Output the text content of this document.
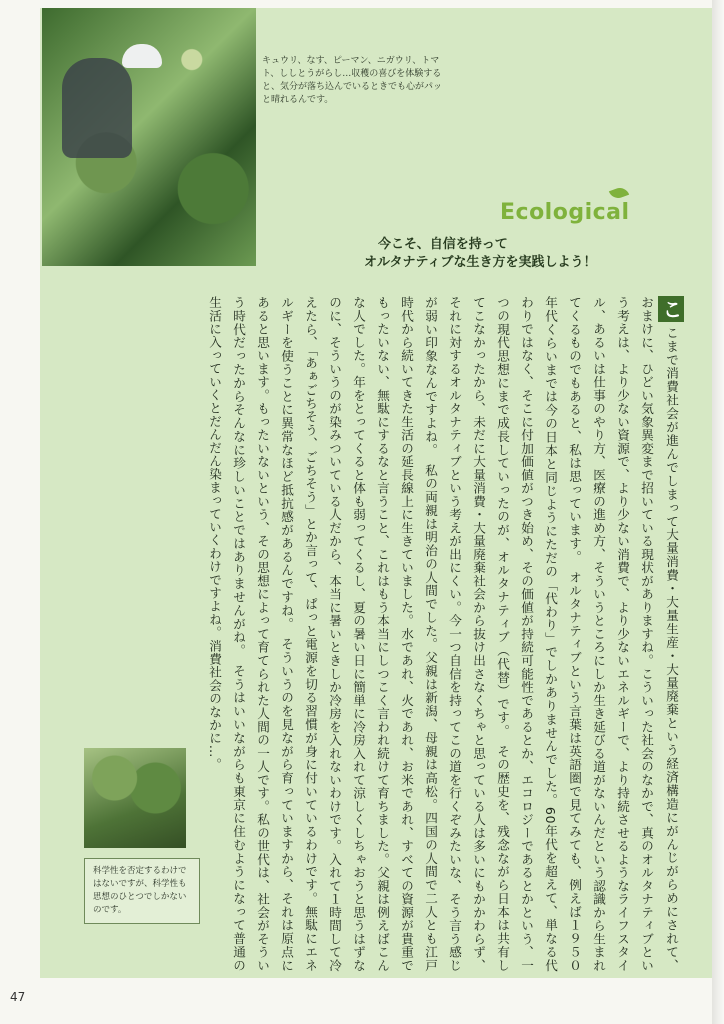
キュウリ、なす、ピーマン、ニガウリ、トマト、ししとうがらし…収穫の喜びを体験すると、気分が落ち込んでいるときでも心がパッと晴れるんです。
Ecological
今こそ、自信を持って
オルタナティブな生き方を実践しよう！
ここまで消費社会が進んでしまって大量消費・大量生産・大量廃棄という経済構造にがんじがらめにされて、おまけに、ひどい気象異変まで招いている現状がありますね。こういった社会のなかで、真のオルタナティブという考えは、より少ない資源で、より少ない消費で、より少ないエネルギーで、より持続させるようなライフスタイル、あるいは仕事のやり方、医療の進め方、そういうところにしか生き延びる道がないんだという認識から生まれてくるものでもあると、私は思っています。　オルタナティブという言葉は英語圏で見てみても、例えば１９５０年代くらいまでは今の日本と同じようにただの「代わり」でしかありませんでした。60年代を超えて、単なる代わりではなく、そこに付加価値がつき始め、その価値が持続可能性であるとか、エコロジーであるとかという、一つの現代思想にまで成長していったのが、オルタナティブ（代替）です。　その歴史を、残念ながら日本は共有してこなかったから、未だに大量消費・大量廃棄社会から抜け出さなくちゃと思っている人は多いにもかかわらず、それに対するオルタナティブという考えが出にくい。今一つ自信を持ってこの道を行くぞみたいな、そう言う感じが弱い印象なんですよね。　私の両親は明治の人間でした。父親は新潟、母親は高松。四国の人間で二人とも江戸時代から続いてきた生活の延長線上に生きていました。水であれ、火であれ、お米であれ、すべての資源が貴重でもったいない、無駄にするなと言うこと、これはもう本当にしつこく言われ続けて育ちました。父親は例えばこんな人でした。年をとってくると体も弱ってくるし、夏の暑い日に簡単に冷房入れて涼しくしちゃおうと思うはずなのに、そういうのが染みついている人だから、本当に暑いときしか冷房を入れないわけです。入れて１時間して冷えたら、「あぁごちそう、ごちそう」とか言って、ぱっと電源を切る習慣が身に付いているわけです。無駄にエネルギーを使うことに異常なほど抵抗感があるんですね。　そういうのを見ながら育っていますから、それは原点にあると思います。もったいないという、その思想によって育てられた人間の一人です。私の世代は、社会がそういう時代だったからそんなに珍しいことではありませんがね。　そうはいいながらも東京に住むようになって普通の生活に入っていくとだんだん染まっていくわけですよね。消費社会のなかに…。
科学性を否定するわけではないですが、科学性も思想のひとつでしかないのです。
47
